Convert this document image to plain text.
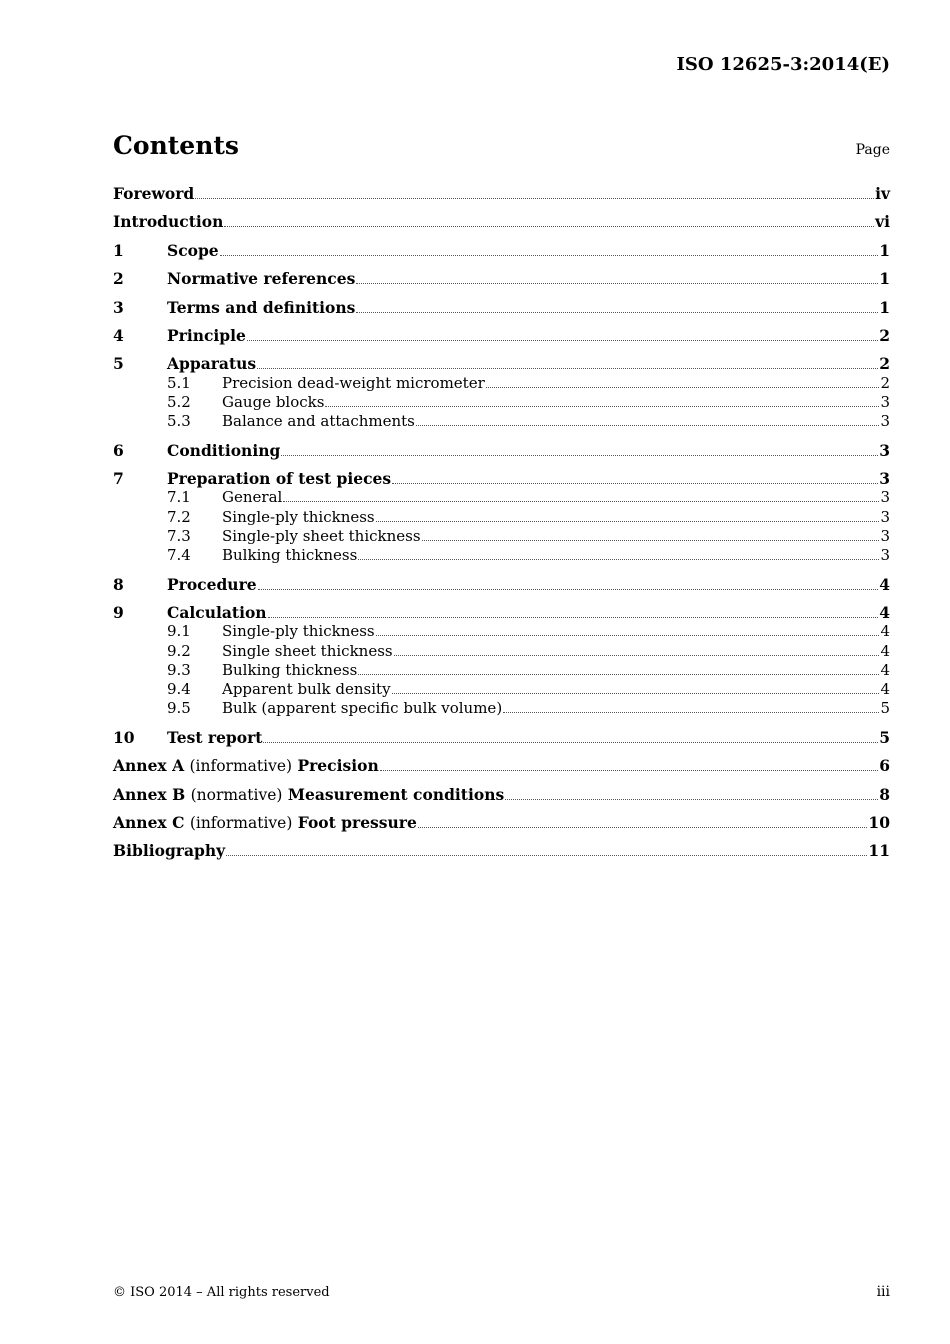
ISO 12625-3:2014(E)
Contents	Page
Foreword	iv
Introduction	vi
1	Scope	1
2	Normative references	1
3	Terms and definitions	1
4	Principle	2
5	Apparatus	2
5.1	Precision dead-weight micrometer	2
5.2	Gauge blocks	3
5.3	Balance and attachments	3
6	Conditioning	3
7	Preparation of test pieces	3
7.1	General	3
7.2	Single-ply thickness	3
7.3	Single-ply sheet thickness	3
7.4	Bulking thickness	3
8	Procedure	4
9	Calculation	4
9.1	Single-ply thickness	4
9.2	Single sheet thickness	4
9.3	Bulking thickness	4
9.4	Apparent bulk density	4
9.5	Bulk (apparent specific bulk volume)	5
10	Test report	5
Annex A (informative) Precision	6
Annex B (normative) Measurement conditions	8
Annex C (informative) Foot pressure	10
Bibliography	11
© ISO 2014 – All rights reserved	iii
